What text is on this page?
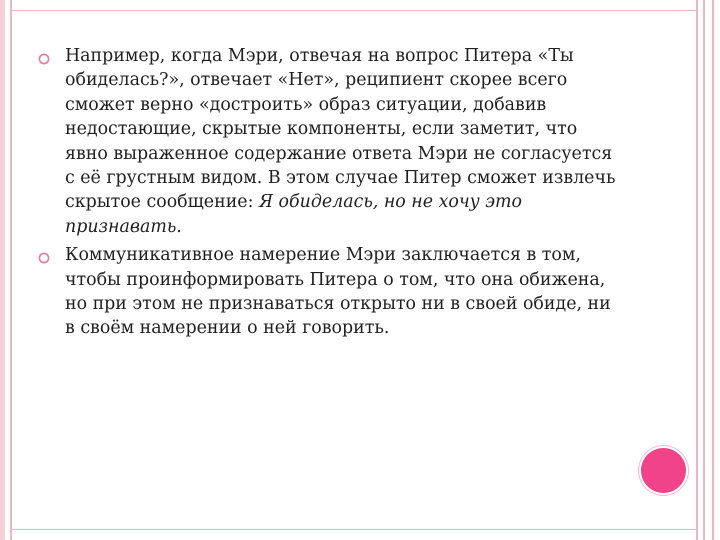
Например, когда Мэри, отвечая на вопрос Питера «Ты обиделась?», отвечает «Нет», реципиент скорее всего сможет верно «достроить» образ ситуации, добавив недостающие, скрытые компоненты, если заметит, что явно выраженное содержание ответа Мэри не согласуется с её грустным видом. В этом случае Питер сможет извлечь скрытое сообщение: Я обиделась, но не хочу это признавать.

Коммуникативное намерение Мэри заключается в том, чтобы проинформировать Питера о том, что она обижена, но при этом не признаваться открыто ни в своей обиде, ни в своём намерении о ней говорить.
